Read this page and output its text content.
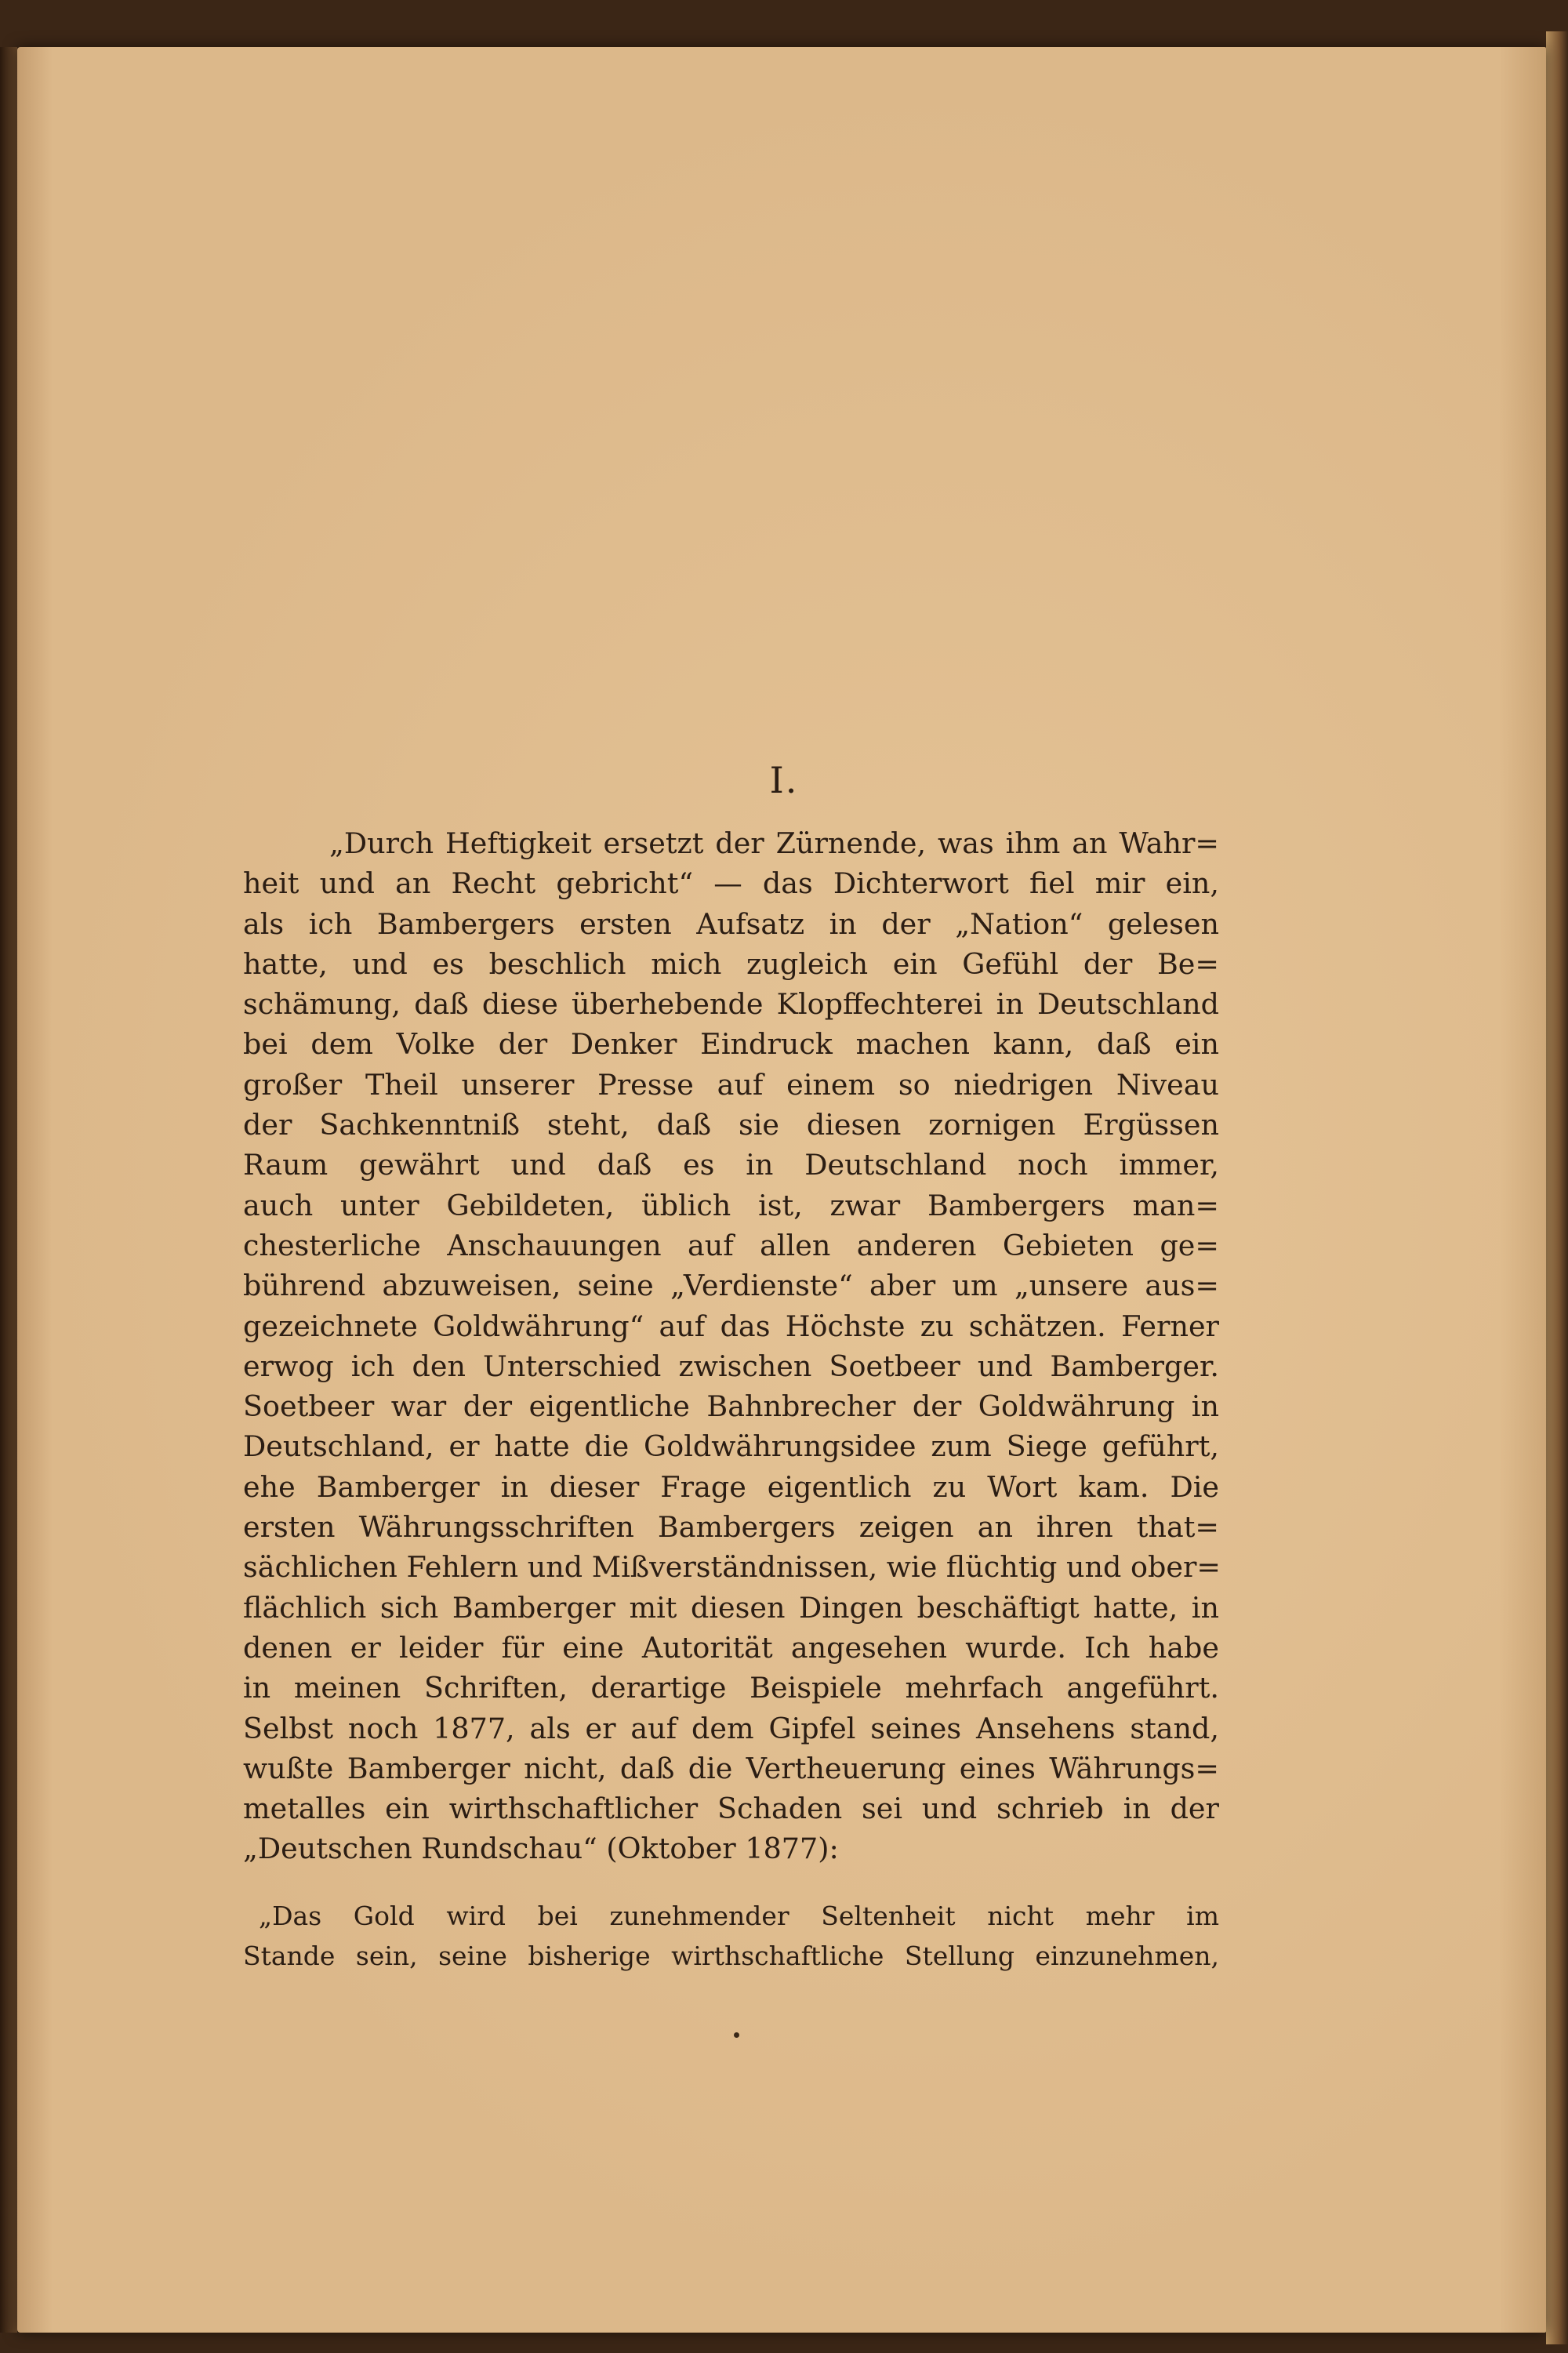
I.
„Durch Heftigkeit ersetzt der Zürnende, was ihm an Wahr=
heit und an Recht gebricht“ — das Dichterwort fiel mir ein,
als ich Bambergers ersten Aufsatz in der „Nation“ gelesen
hatte, und es beschlich mich zugleich ein Gefühl der Be=
schämung, daß diese überhebende Klopffechterei in Deutschland
bei dem Volke der Denker Eindruck machen kann, daß ein
großer Theil unserer Presse auf einem so niedrigen Niveau
der Sachkenntniß steht, daß sie diesen zornigen Ergüssen
Raum gewährt und daß es in Deutschland noch immer,
auch unter Gebildeten, üblich ist, zwar Bambergers man=
chesterliche Anschauungen auf allen anderen Gebieten ge=
bührend abzuweisen, seine „Verdienste“ aber um „unsere aus=
gezeichnete Goldwährung“ auf das Höchste zu schätzen. Ferner
erwog ich den Unterschied zwischen Soetbeer und Bamberger.
Soetbeer war der eigentliche Bahnbrecher der Goldwährung in
Deutschland, er hatte die Goldwährungsidee zum Siege geführt,
ehe Bamberger in dieser Frage eigentlich zu Wort kam. Die
ersten Währungsschriften Bambergers zeigen an ihren that=
sächlichen Fehlern und Mißverständnissen, wie flüchtig und ober=
flächlich sich Bamberger mit diesen Dingen beschäftigt hatte, in
denen er leider für eine Autorität angesehen wurde. Ich habe
in meinen Schriften, derartige Beispiele mehrfach angeführt.
Selbst noch 1877, als er auf dem Gipfel seines Ansehens stand,
wußte Bamberger nicht, daß die Vertheuerung eines Währungs=
metalles ein wirthschaftlicher Schaden sei und schrieb in der
„Deutschen Rundschau“ (Oktober 1877):
„Das Gold wird bei zunehmender Seltenheit nicht mehr im
Stande sein, seine bisherige wirthschaftliche Stellung einzunehmen,
